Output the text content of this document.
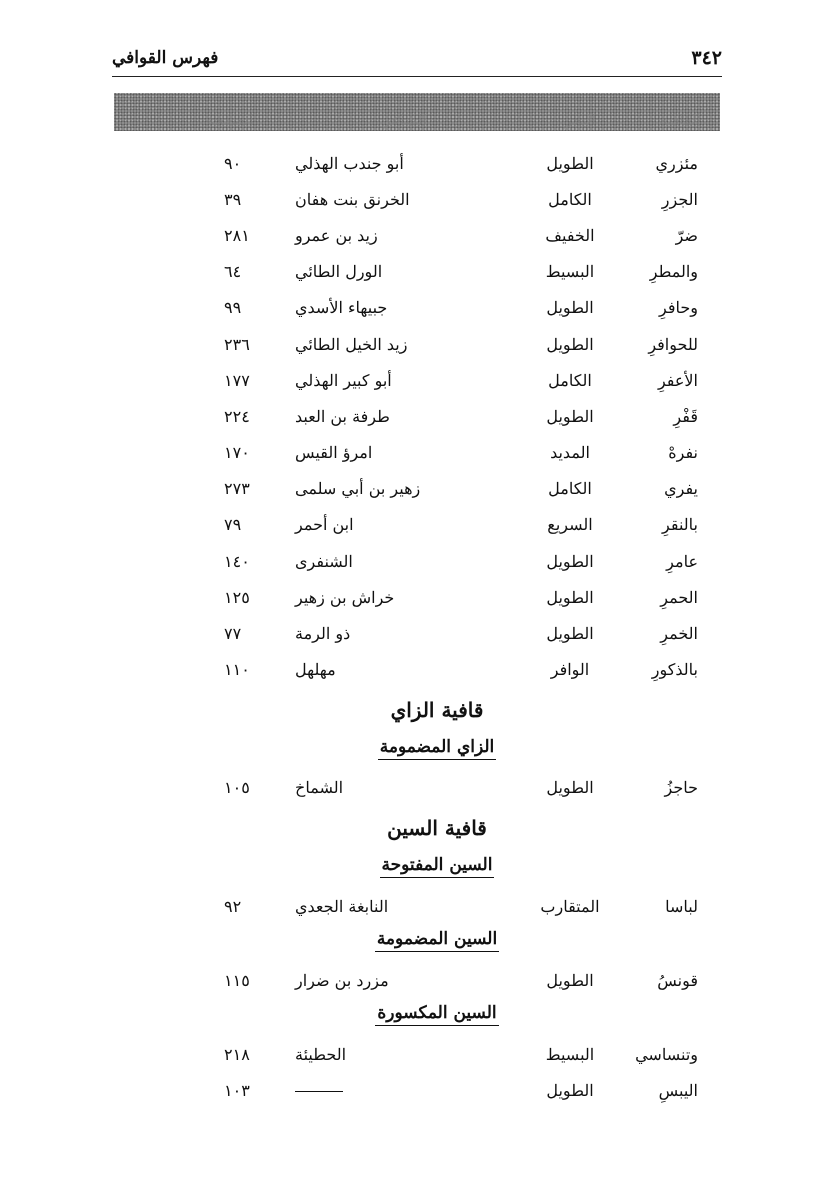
٣٤٢
فهرس القوافي
القافية
البحر
الشاعر
الصفحة
مئزري
الطويل
أبو جندب الهذلي
٩٠
الجزرِ
الكامل
الخرنق بنت هفان
٣٩
ضرّ
الخفيف
زيد بن عمرو
٢٨١
والمطرِ
البسيط
الورل الطائي
٦٤
وحافرِ
الطويل
جبيهاء الأسدي
٩٩
للحوافرِ
الطويل
زيد الخيل الطائي
٢٣٦
الأعفرِ
الكامل
أبو كبير الهذلي
١٧٧
قَفْرِ
الطويل
طرفة بن العبد
٢٢٤
نفرهْ
المديد
امرؤ القيس
١٧٠
يفري
الكامل
زهير بن أبي سلمى
٢٧٣
بالنقرِ
السريع
ابن أحمر
٧٩
عامرِ
الطويل
الشنفرى
١٤٠
الحمرِ
الطويل
خراش بن زهير
١٢٥
الخمرِ
الطويل
ذو الرمة
٧٧
بالذكورِ
الوافر
مهلهل
١١٠
قافية الزاي
الزاي المضمومة
حاجزُ
الطويل
الشماخ
١٠٥
قافية السين
السين المفتوحة
لباسا
المتقارب
النابغة الجعدي
٩٢
السين المضمومة
قونسُ
الطويل
مزرد بن ضرار
١١٥
السين المكسورة
وتنساسي
البسيط
الحطيئة
٢١٨
اليبسِ
الطويل
١٠٣
